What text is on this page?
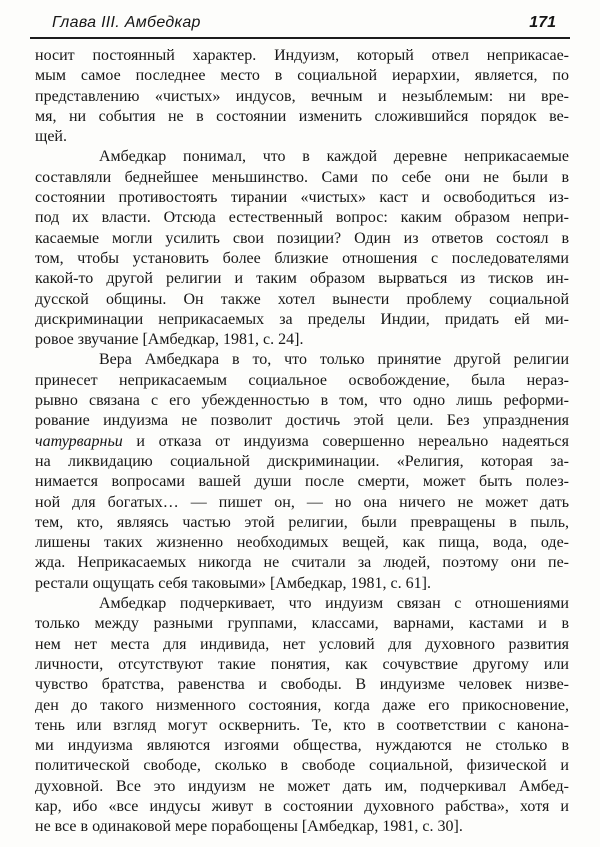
Глава III. Амбедкар	171
носит постоянный характер. Индуизм, который отвел неприкасае-
мым самое последнее место в социальной иерархии, является, по
представлению «чистых» индусов, вечным и незыблемым: ни вре-
мя, ни события не в состоянии изменить сложившийся порядок ве-
щей.
Амбедкар понимал, что в каждой деревне неприкасаемые
составляли беднейшее меньшинство. Сами по себе они не были в
состоянии противостоять тирании «чистых» каст и освободиться из-
под их власти. Отсюда естественный вопрос: каким образом непри-
касаемые могли усилить свои позиции? Один из ответов состоял в
том, чтобы установить более близкие отношения с последователями
какой-то другой религии и таким образом вырваться из тисков ин-
дусской общины. Он также хотел вынести проблему социальной
дискриминации неприкасаемых за пределы Индии, придать ей ми-
ровое звучание [Амбедкар, 1981, с. 24].
Вера Амбедкара в то, что только принятие другой религии
принесет неприкасаемым социальное освобождение, была нераз-
рывно связана с его убежденностью в том, что одно лишь реформи-
рование индуизма не позволит достичь этой цели. Без упразднения
чатурварньи и отказа от индуизма совершенно нереально надеяться
на ликвидацию социальной дискриминации. «Религия, которая за-
нимается вопросами вашей души после смерти, может быть полез-
ной для богатых… — пишет он, — но она ничего не может дать
тем, кто, являясь частью этой религии, были превращены в пыль,
лишены таких жизненно необходимых вещей, как пища, вода, оде-
жда. Неприкасаемых никогда не считали за людей, поэтому они пе-
рестали ощущать себя таковыми» [Амбедкар, 1981, с. 61].
Амбедкар подчеркивает, что индуизм связан с отношениями
только между разными группами, классами, варнами, кастами и в
нем нет места для индивида, нет условий для духовного развития
личности, отсутствуют такие понятия, как сочувствие другому или
чувство братства, равенства и свободы. В индуизме человек низве-
ден до такого низменного состояния, когда даже его прикосновение,
тень или взгляд могут осквернить. Те, кто в соответствии с канона-
ми индуизма являются изгоями общества, нуждаются не столько в
политической свободе, сколько в свободе социальной, физической и
духовной. Все это индуизм не может дать им, подчеркивал Амбед-
кар, ибо «все индусы живут в состоянии духовного рабства», хотя и
не все в одинаковой мере порабощены [Амбедкар, 1981, с. 30].
